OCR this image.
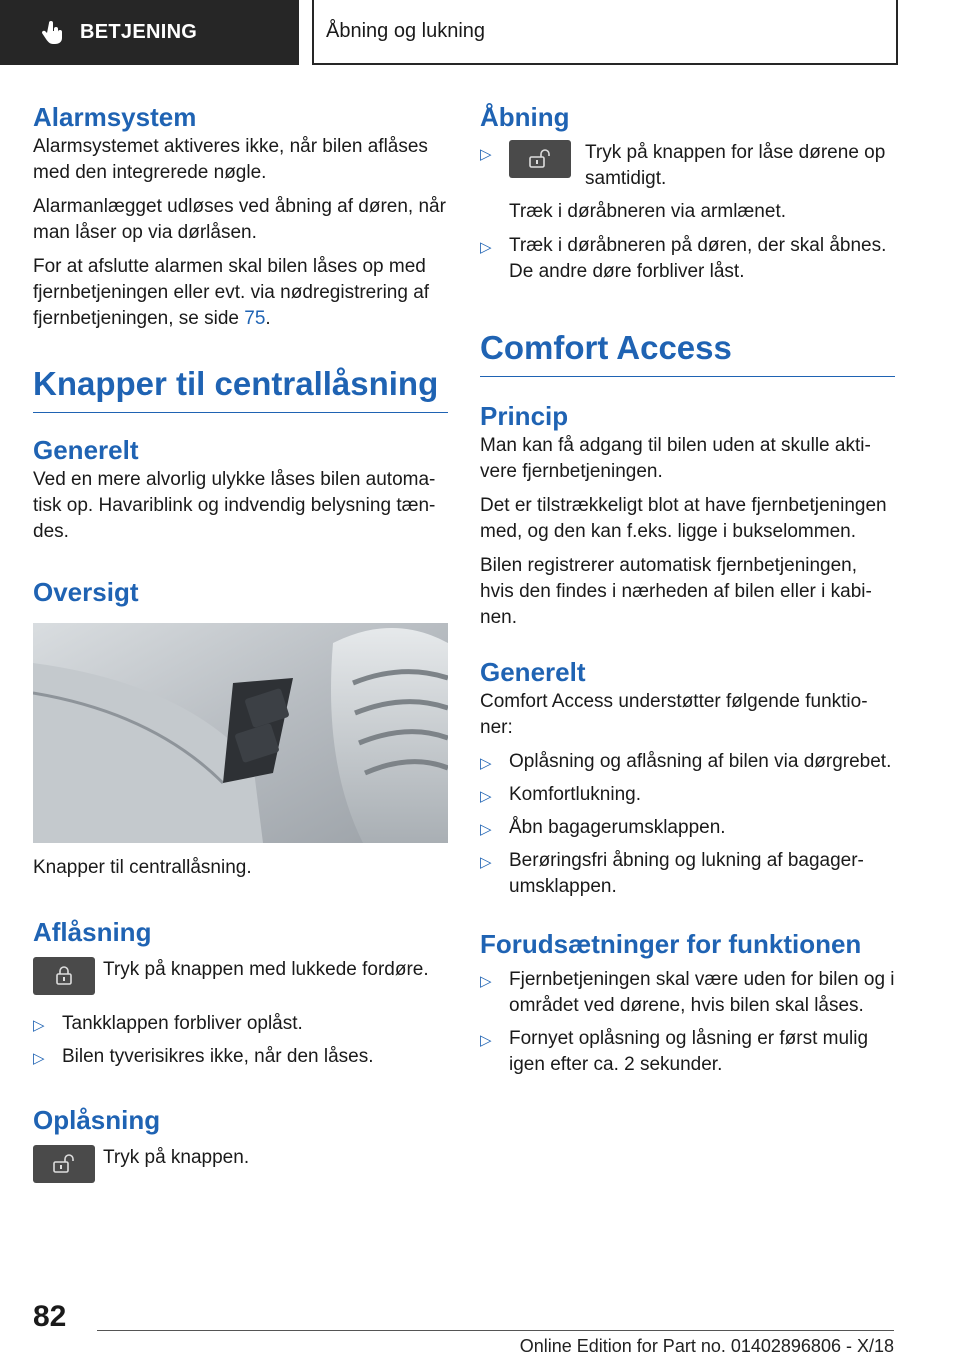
BETJENING	Åbning og lukning
Alarmsystem

Alarmsystemet aktiveres ikke, når bilen aflåses med den integrerede nøgle.

Alarmanlægget udløses ved åbning af døren, når man låser op via dørlåsen.

For at afslutte alarmen skal bilen låses op med fjernbetjeningen eller evt. via nødregistrering af fjernbetjeningen, se side 75.

Knapper til centrallåsning
Generelt

Ved en mere alvorlig ulykke låses bilen automa-tisk op. Havariblink og indvendig belysning tæn-des.

Oversigt

Knapper til centrallåsning.

Aflåsning
Tryk på knappen med lukkede fordøre.
▷ Tankklappen forbliver oplåst.
▷ Bilen tyverisikres ikke, når den låses.
Oplåsning
Tryk på knappen.
Åbning
▷	Tryk på knappen for låse dørene op samtidigt.

Træk i døråbneren via armlænet.

▷ Træk i døråbneren på døren, der skal åbnes. De andre døre forbliver låst.
Comfort Access
Princip

Man kan få adgang til bilen uden at skulle akti-vere fjernbetjeningen.

Det er tilstrækkeligt blot at have fjernbetjeningen med, og den kan f.eks. ligge i bukselommen.

Bilen registrerer automatisk fjernbetjeningen, hvis den findes i nærheden af bilen eller i kabi-nen.

Generelt

Comfort Access understøtter følgende funktio-ner:

▷ Oplåsning og aflåsning af bilen via dørgrebet.
▷ Komfortlukning.
▷ Åbn bagagerumsklappen.
▷ Berøringsfri åbning og lukning af bagager-umsklappen.
Forudsætninger for funktionen
▷ Fjernbetjeningen skal være uden for bilen og i området ved dørene, hvis bilen skal låses.
▷ Fornyet oplåsning og låsning er først mulig igen efter ca. 2 sekunder.
82
Online Edition for Part no. 01402896806 - X/18
